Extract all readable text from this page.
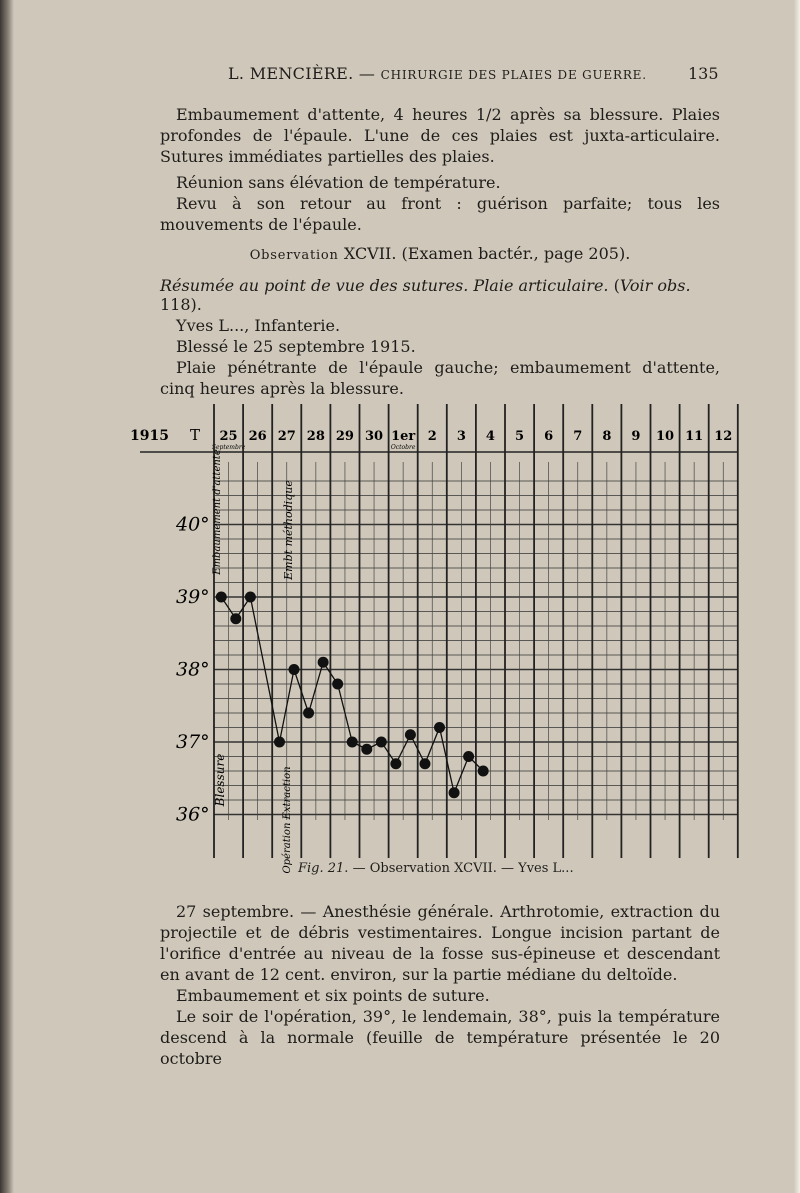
L. MENCIÈRE. — CHIRURGIE DES PLAIES DE GUERRE.	135

Embaumement d'attente, 4 heures 1/2 après sa blessure. Plaies profondes de l'épaule. L'une de ces plaies est juxta-articulaire. Sutures immédiates partielles des plaies.

Réunion sans élévation de température.

Revu à son retour au front : guérison parfaite; tous les mouvements de l'épaule.

Observation XCVII. (Examen bactér., page 205).
Résumée au point de vue des sutures. Plaie articulaire. (Voir obs. 118).

Yves L..., Infanterie.

Blessé le 25 septembre 1915.

Plaie pénétrante de l'épaule gauche; embaumement d'attente, cinq heures après la blessure.

1915 T 25
Septembre
26 27 28 29 30 1er
Octobre
2 3 4 5 6 7 8 9 10 11 12
40°
39°
38°
37°
36°
Embaumement d'attente
Blessure
Embt méthodique
Opération Extraction Fig. 21. — Observation XCVII. — Yves L...

27 septembre. — Anesthésie générale. Arthrotomie, extraction du projectile et de débris vestimentaires. Longue incision partant de l'orifice d'entrée au niveau de la fosse sus-épineuse et descendant en avant de 12 cent. environ, sur la partie médiane du deltoïde.

Embaumement et six points de suture.

Le soir de l'opération, 39°, le lendemain, 38°, puis la température descend à la normale (feuille de température présentée le 20 octobre
